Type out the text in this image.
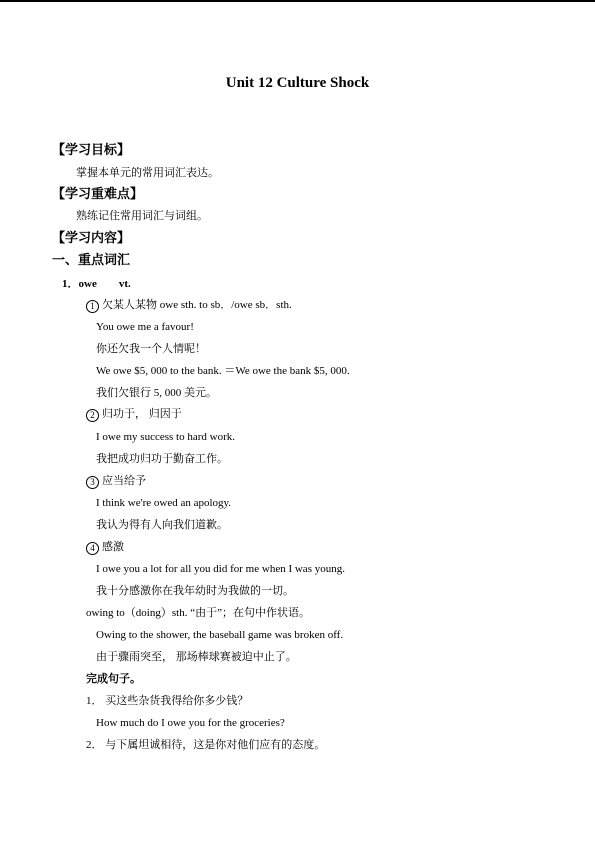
Unit 12 Culture Shock
【学习目标】
掌握本单元的常用词汇表达。
【学习重难点】
熟练记住常用词汇与词组。
【学习内容】
一、重点词汇
1．owe　　vt.
1 欠某人某物 owe sth. to sb．/owe sb．sth.
You owe me a favour!
你还欠我一个人情呢！
We owe $5, 000 to the bank. ＝We owe the bank $5, 000.
我们欠银行 5, 000 美元。
2 归功于， 归因于
I owe my success to hard work.
我把成功归功于勤奋工作。
3 应当给予
I think we're owed an apology.
我认为得有人向我们道歉。
4 感激
I owe you a lot for all you did for me when I was young.
我十分感激你在我年幼时为我做的一切。
owing to（doing）sth. “由于”；在句中作状语。
Owing to the shower, the baseball game was broken off.
由于骤雨突至， 那场棒球赛被迫中止了。
完成句子。
1． 买这些杂货我得给你多少钱？
How much do I owe you for the groceries?
2． 与下属坦诚相待，这是你对他们应有的态度。
